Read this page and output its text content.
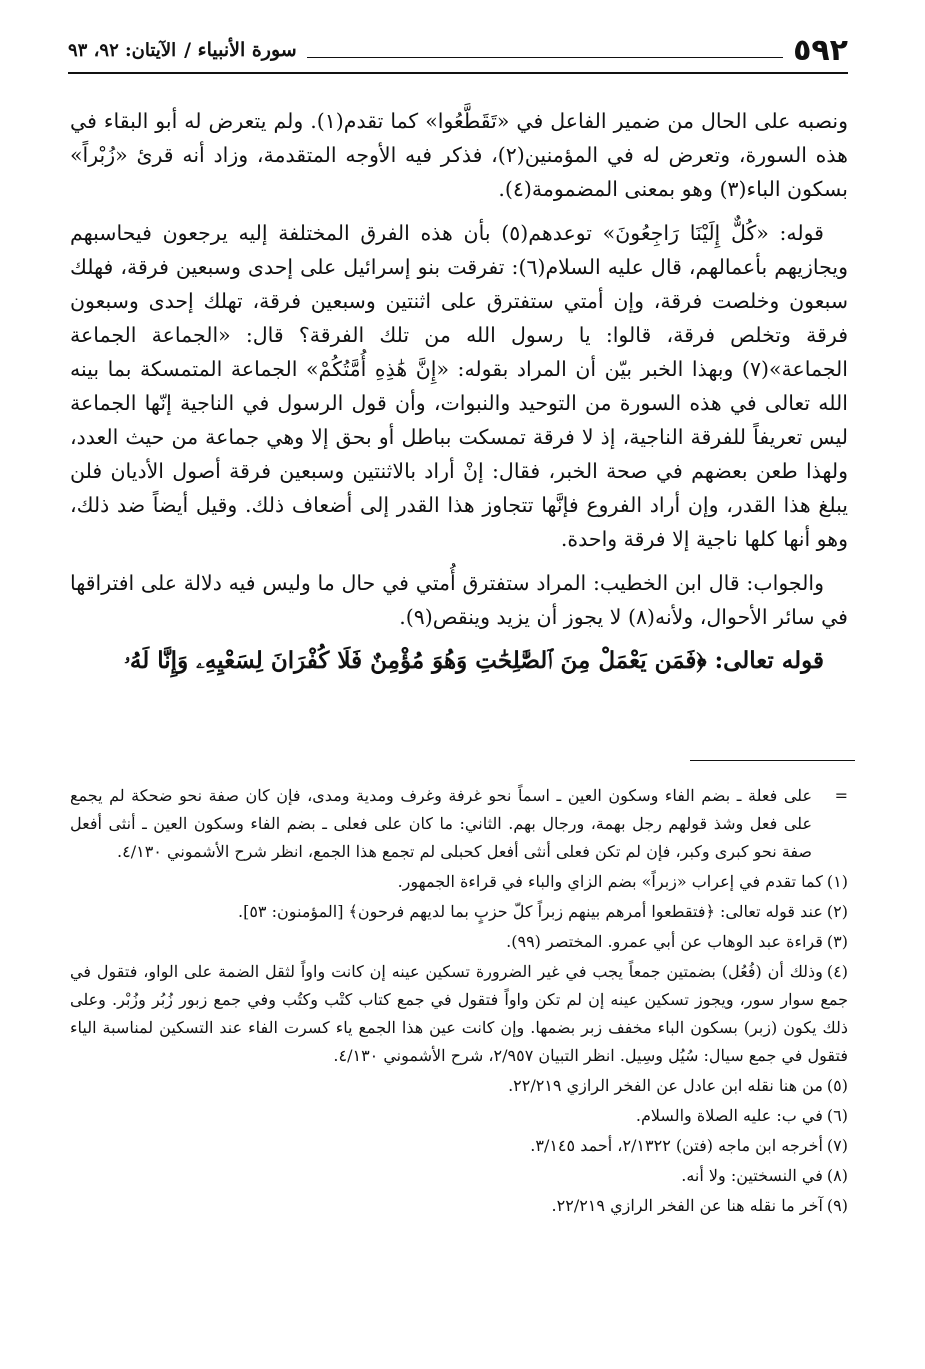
٥٩٢
سورة الأنبياء /
الآيتان: ٩٢، ٩٣

ونصبه على الحال من ضمير الفاعل في «تَقَطَّعُوا» كما تقدم(١). ولم يتعرض له أبو البقاء في هذه السورة، وتعرض له في المؤمنين(٢)، فذكر فيه الأوجه المتقدمة، وزاد أنه قرئ «زُبْراً» بسكون الباء(٣) وهو بمعنى المضمومة(٤).

قوله: «كُلٌّ إِلَيْنَا رَاجِعُونَ» توعدهم(٥) بأن هذه الفرق المختلفة إليه يرجعون فيحاسبهم ويجازيهم بأعمالهم، قال عليه السلام(٦): تفرقت بنو إسرائيل على إحدى وسبعين فرقة، فهلك سبعون وخلصت فرقة، وإن أمتي ستفترق على اثنتين وسبعين فرقة، تهلك إحدى وسبعون فرقة وتخلص فرقة، قالوا: يا رسول الله من تلك الفرقة؟ قال: «الجماعة الجماعة الجماعة»(٧) وبهذا الخبر بيّن أن المراد بقوله: «إِنَّ هَٰذِهِ أُمَّتُكُمْ» الجماعة المتمسكة بما بينه الله تعالى في هذه السورة من التوحيد والنبوات، وأن قول الرسول في الناجية إنّها الجماعة ليس تعريفاً للفرقة الناجية، إذ لا فرقة تمسكت بباطل أو بحق إلا وهي جماعة من حيث العدد، ولهذا طعن بعضهم في صحة الخبر، فقال: إنْ أراد بالاثنتين وسبعين فرقة أصول الأديان فلن يبلغ هذا القدر، وإن أراد الفروع فإنَّها تتجاوز هذا القدر إلى أضعاف ذلك. وقيل أيضاً ضد ذلك، وهو أنها كلها ناجية إلا فرقة واحدة.

والجواب: قال ابن الخطيب: المراد ستفترق أُمتي في حال ما وليس فيه دلالة على افتراقها في سائر الأحوال، ولأنه(٨) لا يجوز أن يزيد وينقص(٩).

قوله تعالى: ﴿فَمَن يَعْمَلْ مِنَ ٱلصَّٰلِحَٰتِ وَهُوَ مُؤْمِنٌ فَلَا كُفْرَانَ لِسَعْيِهِۦ وَإِنَّا لَهُۥ

=
على فعلة ـ بضم الفاء وسكون العين ـ اسماً نحو غرفة وغرف ومدية ومدى، فإن كان صفة نحو ضحكة لم يجمع على فعل وشذ قولهم رجل بهمة، ورجال بهم. الثاني: ما كان على فعلى ـ بضم الفاء وسكون العين ـ أنثى أفعل صفة نحو كبرى وكبر، فإن لم تكن فعلى أنثى أفعل كحبلى لم تجمع هذا الجمع، انظر شرح الأشموني ٤/١٣٠.
(١)كما تقدم في إعراب «زبراً» بضم الزاي والباء في قراءة الجمهور.
(٢)عند قوله تعالى: ﴿فتقطعوا أمرهم بينهم زبراً كلّ حزبٍ بما لديهم فرحون﴾ [المؤمنون: ٥٣].
(٣)قراءة عبد الوهاب عن أبي عمرو. المختصر (٩٩).
(٤)وذلك أن (فُعُل) بضمتين جمعاً يجب في غير الضرورة تسكين عينه إن كانت واواً لثقل الضمة على الواو، فتقول في جمع سوار سور، ويجوز تسكين عينه إن لم تكن واواً فتقول في جمع كتاب كتْب وكتُب وفي جمع زبور زُبُر وزُبْر. وعلى ذلك يكون (زبر) بسكون الباء مخفف زبر بضمها. وإن كانت عين هذا الجمع ياء كسرت الفاء عند التسكين لمناسبة الياء فتقول في جمع سيال: سُيُل وسِيل. انظر التبيان ٢/٩٥٧، شرح الأشموني ٤/١٣٠.
(٥)من هنا نقله ابن عادل عن الفخر الرازي ٢٢/٢١٩.
(٦)في ب: عليه الصلاة والسلام.
(٧)أخرجه ابن ماجه (فتن) ٢/١٣٢٢، أحمد ٣/١٤٥.
(٨)في النسختين: ولا أنه.
(٩)آخر ما نقله هنا عن الفخر الرازي ٢٢/٢١٩.
